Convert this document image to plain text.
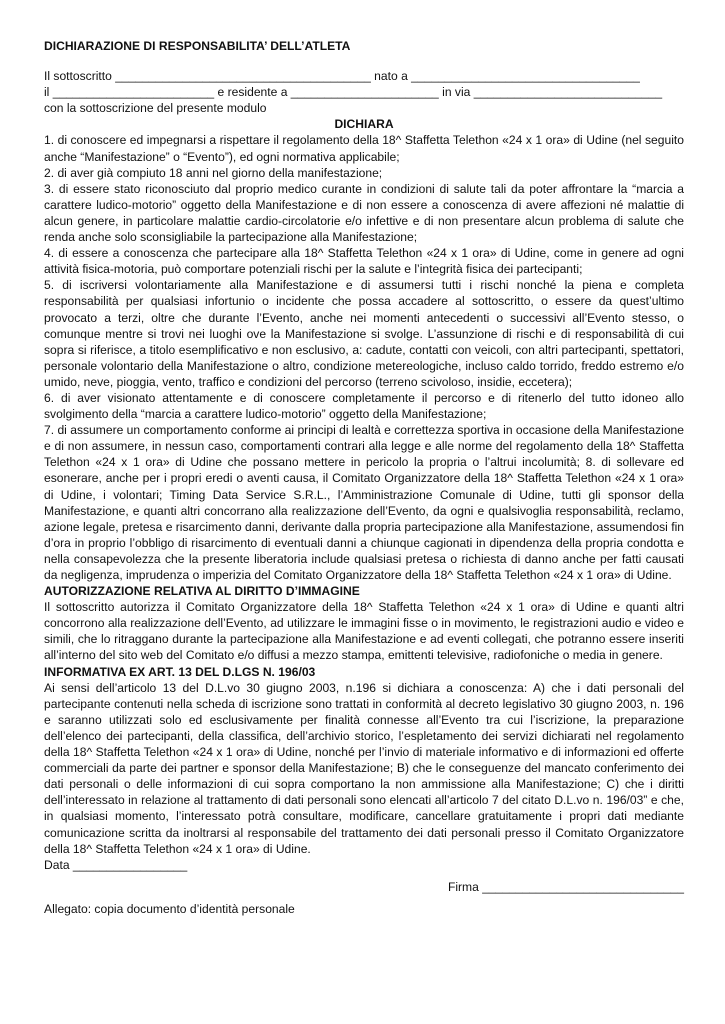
DICHIARAZIONE DI RESPONSABILITA’ DELL’ATLETA
Il sottoscritto ______________________________________ nato a __________________________________
il ________________________ e residente a ______________________ in via ____________________________
con la sottoscrizione del presente modulo
DICHIARA

1. di conoscere ed impegnarsi a rispettare il regolamento della 18^ Staffetta Telethon «24 x 1 ora» di Udine (nel seguito anche “Manifestazione” o “Evento”), ed ogni normativa applicabile;

2. di aver già compiuto 18 anni nel giorno della manifestazione;

3. di essere stato riconosciuto dal proprio medico curante in condizioni di salute tali da poter affrontare la “marcia a carattere ludico-motorio” oggetto della Manifestazione e di non essere a conoscenza di avere affezioni né malattie di alcun genere, in particolare malattie cardio-circolatorie e/o infettive e di non presentare alcun problema di salute che renda anche solo sconsigliabile la partecipazione alla Manifestazione;

4. di essere a conoscenza che partecipare alla 18^ Staffetta Telethon «24 x 1 ora» di Udine, come in genere ad ogni attività fisica-motoria, può comportare potenziali rischi per la salute e l’integrità fisica dei partecipanti;

5. di iscriversi volontariamente alla Manifestazione e di assumersi tutti i rischi nonché la piena e completa responsabilità per qualsiasi infortunio o incidente che possa accadere al sottoscritto, o essere da quest’ultimo provocato a terzi, oltre che durante l’Evento, anche nei momenti antecedenti o successivi all’Evento stesso, o comunque mentre si trovi nei luoghi ove la Manifestazione si svolge. L’assunzione di rischi e di responsabilità di cui sopra si riferisce, a titolo esemplificativo e non esclusivo, a: cadute, contatti con veicoli, con altri partecipanti, spettatori, personale volontario della Manifestazione o altro, condizione metereologiche, incluso caldo torrido, freddo estremo e/o umido, neve, pioggia, vento, traffico e condizioni del percorso (terreno scivoloso, insidie, eccetera);

6. di aver visionato attentamente e di conoscere completamente il percorso e di ritenerlo del tutto idoneo allo svolgimento della “marcia a carattere ludico-motorio” oggetto della Manifestazione;

7. di assumere un comportamento conforme ai principi di lealtà e correttezza sportiva in occasione della Manifestazione e di non assumere, in nessun caso, comportamenti contrari alla legge e alle norme del regolamento della 18^ Staffetta Telethon «24 x 1 ora» di Udine che possano mettere in pericolo la propria o l’altrui incolumità; 8. di sollevare ed esonerare, anche per i propri eredi o aventi causa, il Comitato Organizzatore della 18^ Staffetta Telethon «24 x 1 ora» di Udine, i volontari; Timing Data Service S.R.L., l’Amministrazione Comunale di Udine, tutti gli sponsor della Manifestazione, e quanti altri concorrano alla realizzazione dell’Evento, da ogni e qualsivoglia responsabilità, reclamo, azione legale, pretesa e risarcimento danni, derivante dalla propria partecipazione alla Manifestazione, assumendosi fin d’ora in proprio l’obbligo di risarcimento di eventuali danni a chiunque cagionati in dipendenza della propria condotta e nella consapevolezza che la presente liberatoria include qualsiasi pretesa o richiesta di danno anche per fatti causati da negligenza, imprudenza o imperizia del Comitato Organizzatore della 18^ Staffetta Telethon «24 x 1 ora» di Udine.

AUTORIZZAZIONE RELATIVA AL DIRITTO D’IMMAGINE

Il sottoscritto autorizza il Comitato Organizzatore della 18^ Staffetta Telethon «24 x 1 ora» di Udine e quanti altri concorrono alla realizzazione dell’Evento, ad utilizzare le immagini fisse o in movimento, le registrazioni audio e video e simili, che lo ritraggano durante la partecipazione alla Manifestazione e ad eventi collegati, che potranno essere inseriti all’interno del sito web del Comitato e/o diffusi a mezzo stampa, emittenti televisive, radiofoniche o media in genere.

INFORMATIVA EX ART. 13 DEL D.LGS N. 196/03

Ai sensi dell’articolo 13 del D.L.vo 30 giugno 2003, n.196 si dichiara a conoscenza: A) che i dati personali del partecipante contenuti nella scheda di iscrizione sono trattati in conformità al decreto legislativo 30 giugno 2003, n. 196 e saranno utilizzati solo ed esclusivamente per finalità connesse all’Evento tra cui l’iscrizione, la preparazione dell’elenco dei partecipanti, della classifica, dell’archivio storico, l’espletamento dei servizi dichiarati nel regolamento della 18^ Staffetta Telethon «24 x 1 ora» di Udine, nonché per l’invio di materiale informativo e di informazioni ed offerte commerciali da parte dei partner e sponsor della Manifestazione; B) che le conseguenze del mancato conferimento dei dati personali o delle informazioni di cui sopra comportano la non ammissione alla Manifestazione; C) che i diritti dell’interessato in relazione al trattamento di dati personali sono elencati all’articolo 7 del citato D.L.vo n. 196/03” e che, in qualsiasi momento, l’interessato potrà consultare, modificare, cancellare gratuitamente i propri dati mediante comunicazione scritta da inoltrarsi al responsabile del trattamento dei dati personali presso il Comitato Organizzatore della 18^ Staffetta Telethon «24 x 1 ora» di Udine.

Data _________________
Firma ______________________________
Allegato: copia documento d’identità personale
